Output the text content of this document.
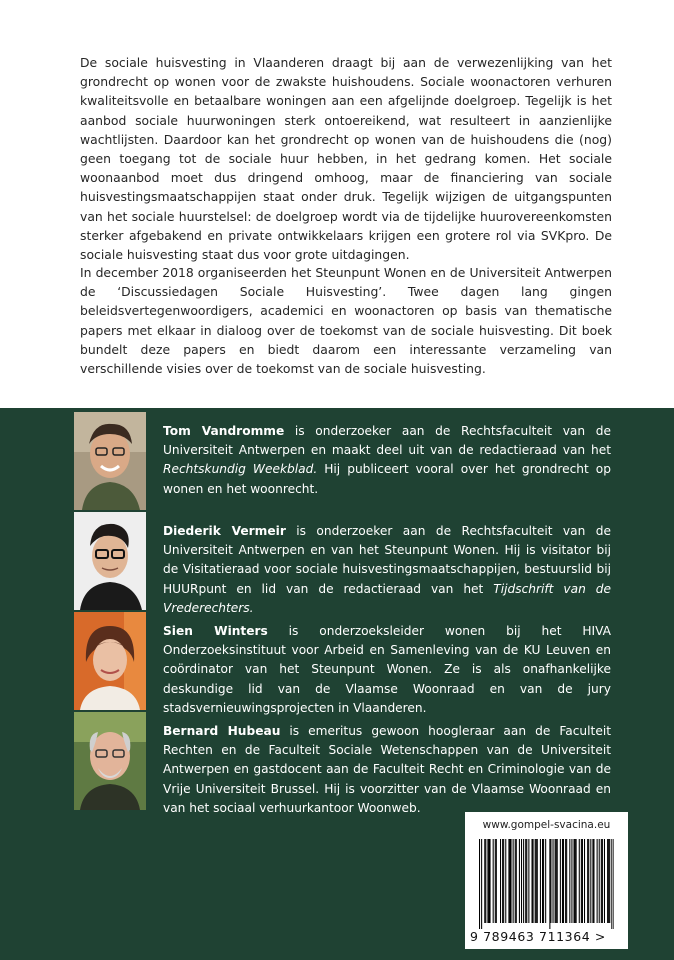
De sociale huisvesting in Vlaanderen draagt bij aan de verwezenlijking van het grondrecht op wonen voor de zwakste huishoudens. Sociale woonactoren verhuren kwaliteitsvolle en betaalbare woningen aan een afgelijnde doelgroep. Tegelijk is het aanbod sociale huurwoningen sterk ontoereikend, wat resulteert in aanzienlijke wachtlijsten. Daardoor kan het grondrecht op wonen van de huishoudens die (nog) geen toegang tot de sociale huur hebben, in het gedrang komen. Het sociale woonaanbod moet dus dringend omhoog, maar de financiering van sociale huisvestingsmaatschappijen staat onder druk. Tegelijk wijzigen de uitgangspunten van het sociale huurstelsel: de doelgroep wordt via de tijdelijke huurovereenkomsten sterker afgebakend en private ontwikkelaars krijgen een grotere rol via SVKpro. De sociale huisvesting staat dus voor grote uitdagingen.

In december 2018 organiseerden het Steunpunt Wonen en de Universiteit Antwerpen de ‘Discussiedagen Sociale Huisvesting’. Twee dagen lang gingen beleidsvertegenwoordigers, academici en woonactoren op basis van thematische papers met elkaar in dialoog over de toekomst van de sociale huisvesting. Dit boek bundelt deze papers en biedt daarom een interessante verzameling van verschillende visies over de toekomst van de sociale huisvesting.

Tom Vandromme is onderzoeker aan de Rechtsfaculteit van de Universiteit Antwerpen en maakt deel uit van de redactieraad van het Rechtskundig Weekblad. Hij publiceert vooral over het grondrecht op wonen en het woonrecht.

Diederik Vermeir is onderzoeker aan de Rechtsfaculteit van de Universiteit Antwerpen en van het Steunpunt Wonen. Hij is visitator bij de Visitatieraad voor sociale huisvestingsmaatschappijen, bestuurslid bij HUURpunt en lid van de redactieraad van het Tijdschrift van de Vrederechters.

Sien Winters is onderzoeksleider wonen bij het HIVA Onderzoeksinstituut voor Arbeid en Samenleving van de KU Leuven en coördinator van het Steunpunt Wonen. Ze is als onafhankelijke deskundige lid van de Vlaamse Woonraad en van de jury stadsvernieuwingsprojecten in Vlaanderen.

Bernard Hubeau is emeritus gewoon hoogleraar aan de Faculteit Rechten en de Faculteit Sociale Wetenschappen van de Universiteit Antwerpen en gastdocent aan de Faculteit Recht en Criminologie van de Vrije Universiteit Brussel. Hij is voorzitter van de Vlaamse Woonraad en van het sociaal verhuurkantoor Woonweb.

www.gompel-svacina.eu
9 789463 711364 >
